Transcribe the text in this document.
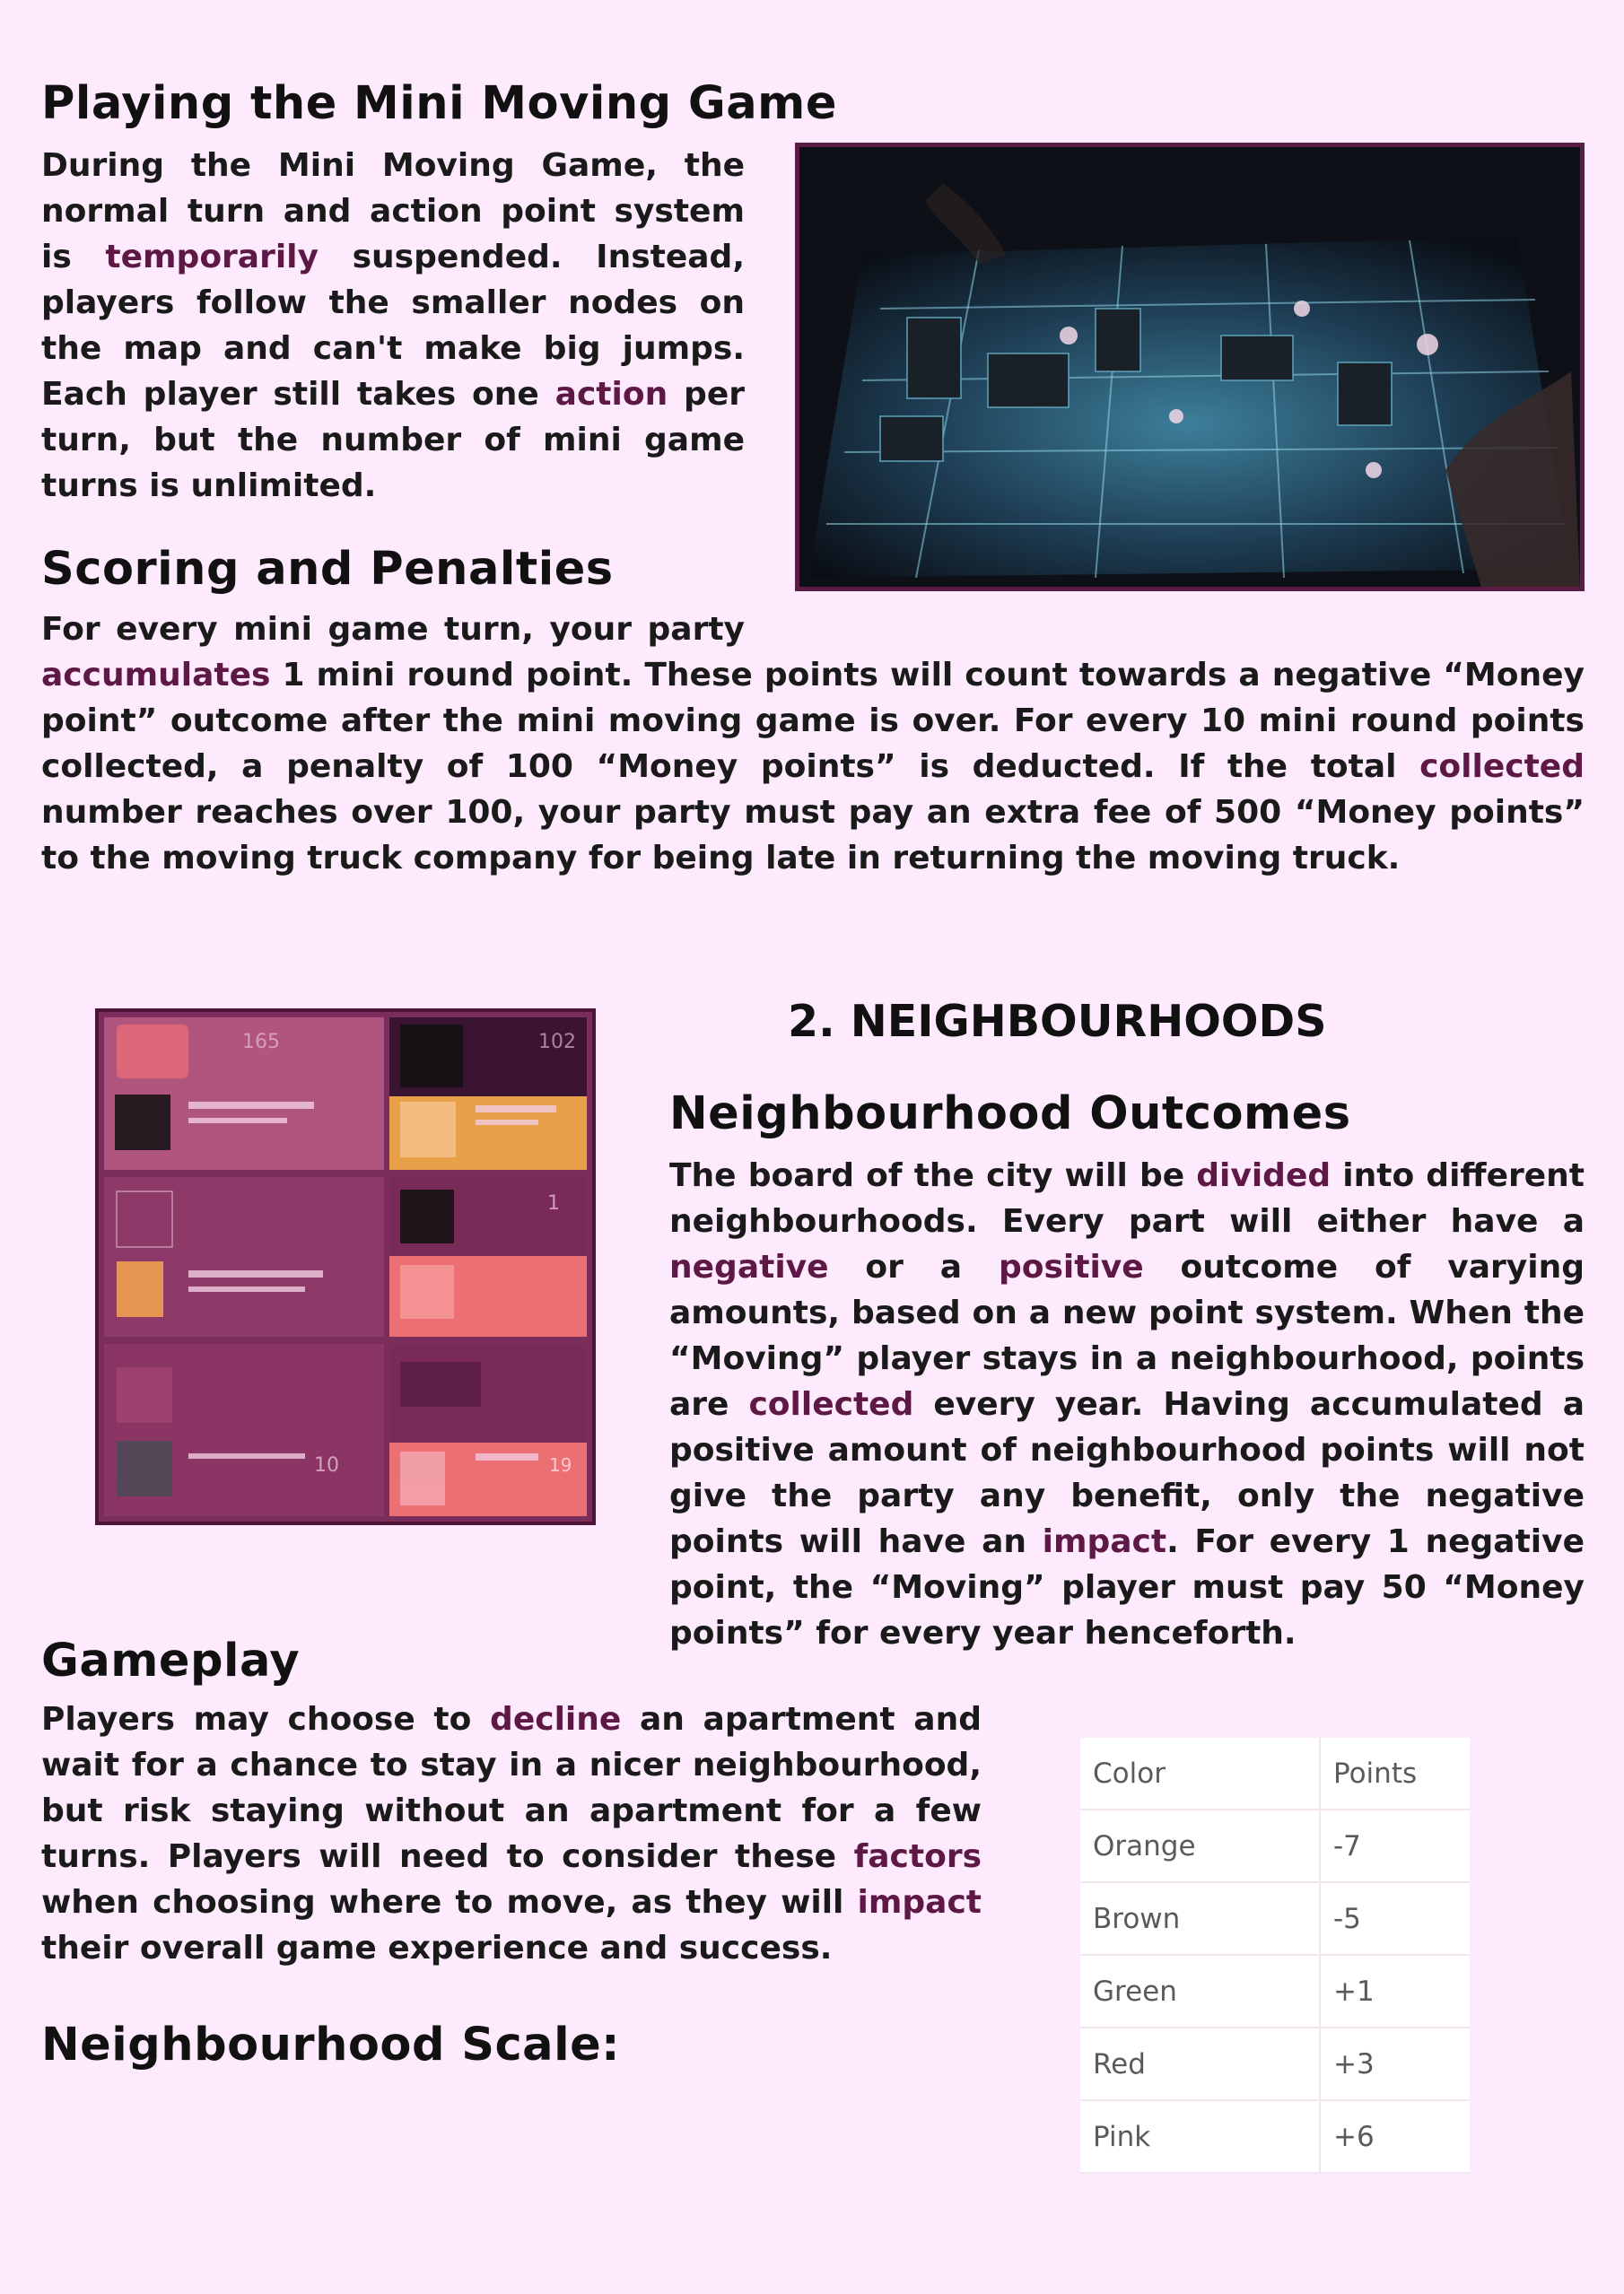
Playing the Mini Moving Game

During the Mini Moving Game, the normal turn and action point system is temporarily suspended. Instead, players follow the smaller nodes on the map and can't make big jumps. Each player still takes one action per turn, but the number of mini game turns is unlimited.

Scoring and Penalties

For every mini game turn, your party accumulates 1 mini round point. These points will count towards a negative “Money point” outcome after the mini moving game is over. For every 10 mini round points collected, a penalty of 100 “Money points” is deducted. If the total collected number reaches over 100, your party must pay an extra fee of 500 “Money points” to the moving truck company for being late in returning the moving truck.

165	102
1
10	19
2. NEIGHBOURHOODS
Neighbourhood Outcomes

The board of the city will be divided into different neighbourhoods. Every part will either have a negative or a positive outcome of varying amounts, based on a new point system. When the “Moving” player stays in a neighbourhood, points are collected every year. Having accumulated a positive amount of neighbourhood points will not give the party any benefit, only the negative points will have an impact. For every 1 negative point, the “Moving” player must pay 50 “Money points” for every year henceforth.

Gameplay

Players may choose to decline an apartment and wait for a chance to stay in a nicer neighbourhood, but risk staying without an apartment for a few turns. Players will need to consider these factors when choosing where to move, as they will impact their overall game experience and success.

Neighbourhood Scale:
Color	Points
Orange	-7
Brown	-5
Green	+1
Red	+3
Pink	+6
